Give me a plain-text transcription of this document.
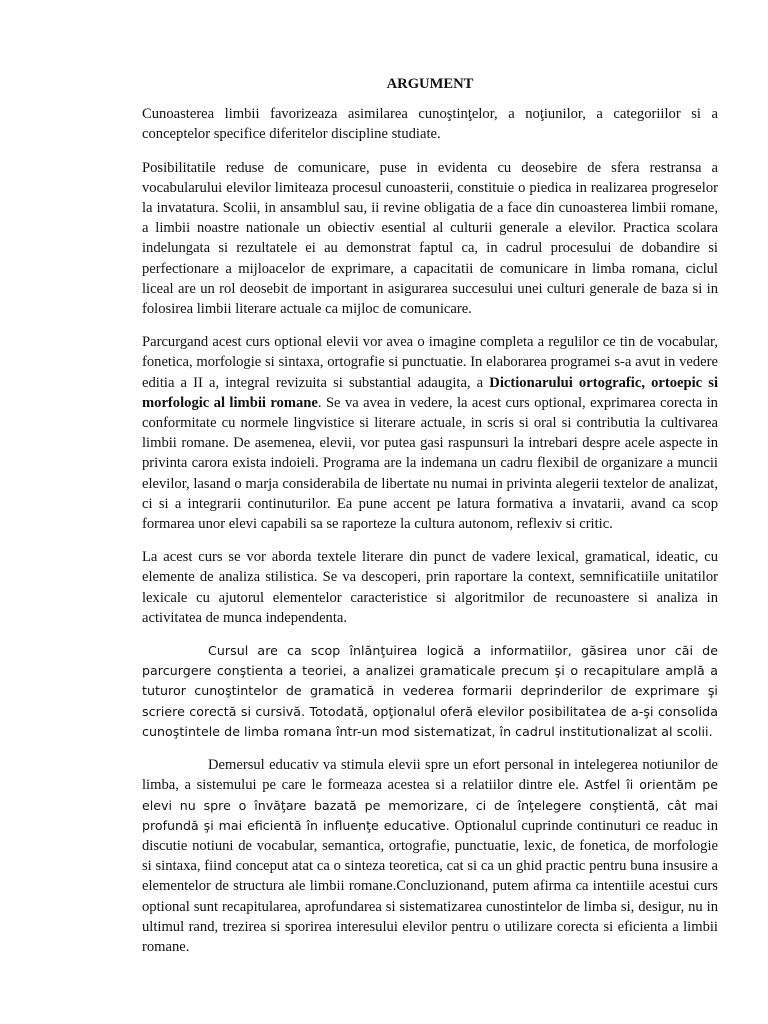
ARGUMENT

Cunoasterea limbii favorizeaza asimilarea cunoştinţelor, a noţiunilor, a categoriilor si a conceptelor specifice diferitelor discipline studiate.

Posibilitatile reduse de comunicare, puse in evidenta cu deosebire de sfera restransa a vocabularului elevilor limiteaza procesul cunoasterii, constituie o piedica in realizarea progreselor la invatatura. Scolii, in ansamblul sau, ii revine obligatia de a face din cunoasterea limbii romane, a limbii noastre nationale un obiectiv esential al culturii generale a elevilor. Practica scolara indelungata si rezultatele ei au demonstrat faptul ca, in cadrul procesului de dobandire si perfectionare a mijloacelor de exprimare, a capacitatii de comunicare in limba romana, ciclul liceal are un rol deosebit de important in asigurarea succesului unei culturi generale de baza si in folosirea limbii literare actuale ca mijloc de comunicare.

Parcurgand acest curs optional elevii vor avea o imagine completa a regulilor ce tin de vocabular, fonetica, morfologie si sintaxa, ortografie si punctuatie. In elaborarea programei s-a avut in vedere editia a II a, integral revizuita si substantial adaugita, a Dictionarului ortografic, ortoepic si morfologic al limbii romane. Se va avea in vedere, la acest curs optional, exprimarea corecta in conformitate cu normele lingvistice si literare actuale, in scris si oral si contributia la cultivarea limbii romane. De asemenea, elevii, vor putea gasi raspunsuri la intrebari despre acele aspecte in privinta carora exista indoieli. Programa are la indemana un cadru flexibil de organizare a muncii elevilor, lasand o marja considerabila de libertate nu numai in privinta alegerii textelor de analizat, ci si a integrarii continuturilor. Ea pune accent pe latura formativa a invatarii, avand ca scop formarea unor elevi capabili sa se raporteze la cultura autonom, reflexiv si critic.

La acest curs se vor aborda textele literare din punct de vadere lexical, gramatical, ideatic, cu elemente de analiza stilistica. Se va descoperi, prin raportare la context, semnificatiile unitatilor lexicale cu ajutorul elementelor caracteristice si algoritmilor de recunoastere si analiza in activitatea de munca independenta.

Cursul are ca scop înlănţuirea logică a informatiilor, găsirea unor căi de parcurgere conştienta a teoriei, a analizei gramaticale precum şi o recapitulare amplă a tuturor cunoştintelor de gramatică in vederea formarii deprinderilor de exprimare şi scriere corectă si cursivă. Totodată, opţionalul oferă elevilor posibilitatea de a-şi consolida cunoştintele de limba romana într-un mod sistematizat, în cadrul institutionalizat al scolii.

Demersul educativ va stimula elevii spre un efort personal in intelegerea notiunilor de limba, a sistemului pe care le formeaza acestea si a relatiilor dintre ele. Astfel îi orientăm pe elevi nu spre o învăţare bazată pe memorizare, ci de înţelegere conştientă, cât mai profundă şi mai eficientă în influenţe educative. Optionalul cuprinde continuturi ce readuc in discutie notiuni de vocabular, semantica, ortografie, punctuatie, lexic, de fonetica, de morfologie si sintaxa, fiind conceput atat ca o sinteza teoretica, cat si ca un ghid practic pentru buna insusire a elementelor de structura ale limbii romane.Concluzionand, putem afirma ca intentiile acestui curs optional sunt recapitularea, aprofundarea si sistematizarea cunostintelor de limba si, desigur, nu in ultimul rand, trezirea si sporirea interesului elevilor pentru o utilizare corecta si eficienta a limbii romane.
